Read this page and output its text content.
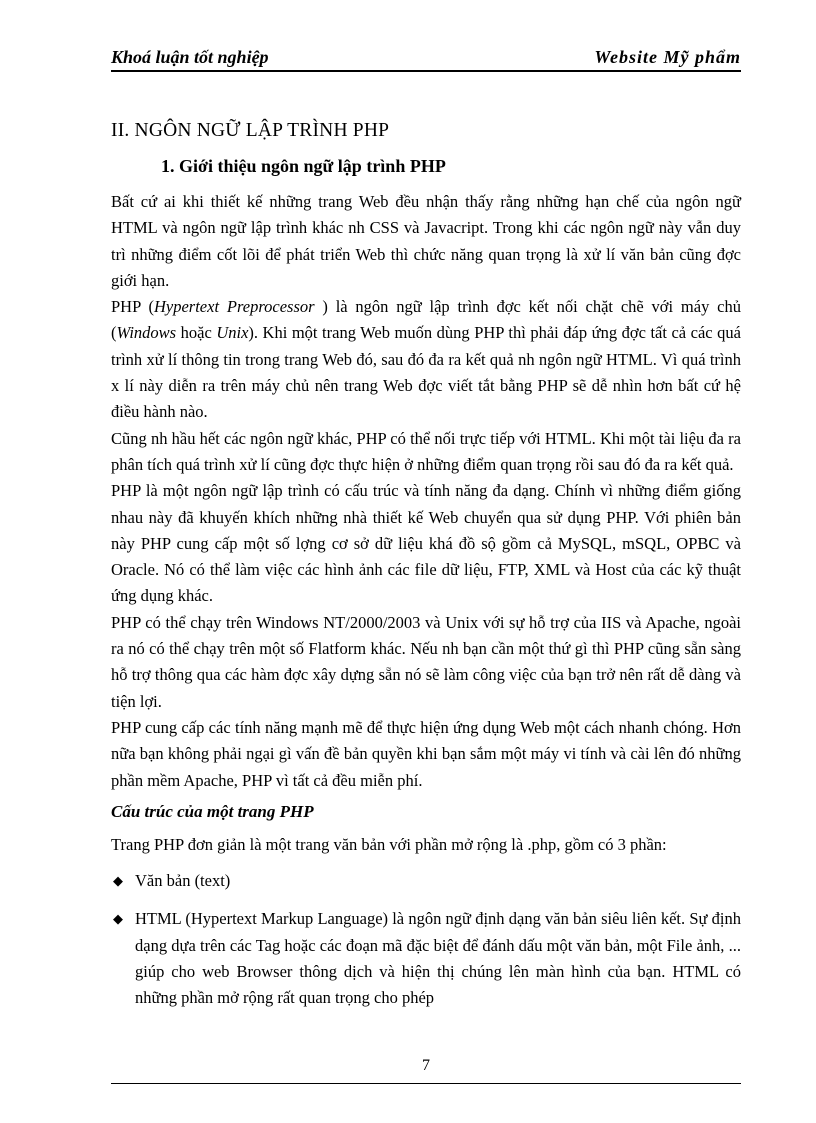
Khoá luận tốt nghiệp	Website Mỹ phẩm
II. NGÔN NGỮ LẬP TRÌNH PHP
1. Giới thiệu ngôn ngữ lập trình PHP

Bất cứ ai khi thiết kế những trang Web đều nhận thấy rằng những hạn chế của ngôn ngữ HTML và ngôn ngữ lập trình khác nh CSS và Javacript. Trong khi các ngôn ngữ này vẫn duy trì những điểm cốt lõi để phát triển Web thì chức năng quan trọng là xử lí văn bản cũng đợc giới hạn.

PHP (Hypertext Preprocessor ) là ngôn ngữ lập trình đợc kết nối chặt chẽ với máy chủ (Windows hoặc Unix). Khi một trang Web muốn dùng PHP thì phải đáp ứng đợc tất cả các quá trình xử lí thông tin trong trang Web đó, sau đó đa ra kết quả nh ngôn ngữ HTML. Vì quá trình x lí này diễn ra trên máy chủ nên trang Web đợc viết tắt bằng PHP sẽ dễ nhìn hơn bất cứ hệ điều hành nào.

Cũng nh hầu hết các ngôn ngữ khác, PHP có thể nối trực tiếp với HTML. Khi một tài liệu đa ra phân tích quá trình xử lí cũng đợc thực hiện ở những điểm quan trọng rồi sau đó đa ra kết quả.

PHP là một ngôn ngữ lập trình có cấu trúc và tính năng đa dạng. Chính vì những điểm giống nhau này đã khuyến khích những nhà thiết kế Web chuyển qua sử dụng PHP. Với phiên bản này PHP cung cấp một số lợng cơ sở dữ liệu khá đồ sộ gồm cả MySQL, mSQL, OPBC và Oracle. Nó có thể làm việc các hình ảnh các file dữ liệu, FTP, XML và Host của các kỹ thuật ứng dụng khác.

PHP có thể chạy trên Windows NT/2000/2003 và Unix với sự hỗ trợ của IIS và Apache, ngoài ra nó có thể chạy trên một số Flatform khác. Nếu nh bạn cần một thứ gì thì PHP cũng sẵn sàng hỗ trợ thông qua các hàm đợc xây dựng sẵn nó sẽ làm công việc của bạn trở nên rất dễ dàng và tiện lợi.

PHP cung cấp các tính năng mạnh mẽ để thực hiện ứng dụng Web một cách nhanh chóng. Hơn nữa bạn không phải ngại gì vấn đề bản quyền khi bạn sắm một máy vi tính và cài lên đó những phần mềm Apache, PHP vì tất cả đều miễn phí.

Cấu trúc của một trang PHP

Trang PHP đơn giản là một trang văn bản với phần mở rộng là .php, gồm có 3 phần:

◆ Văn bản (text)

◆ HTML (Hypertext Markup Language) là ngôn ngữ định dạng văn bản siêu liên kết. Sự định dạng dựa trên các Tag hoặc các đoạn mã đặc biệt để đánh dấu một văn bản, một File ảnh, ... giúp cho web Browser thông dịch và hiện thị chúng lên màn hình của bạn. HTML có những phần mở rộng rất quan trọng cho phép

7
